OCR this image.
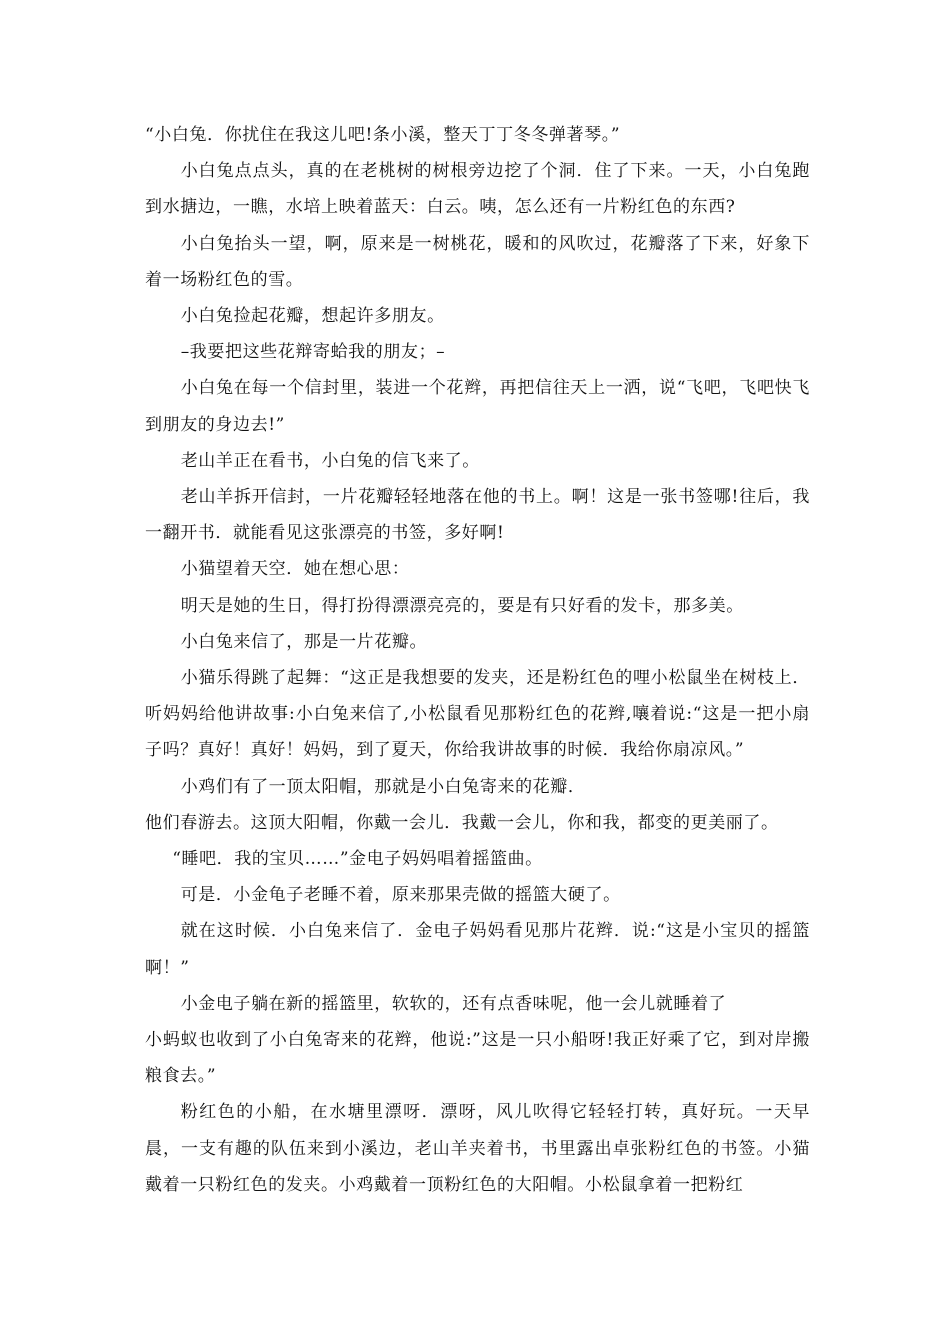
“小白兔．你扰住在我这儿吧!条小溪，整天丁丁冬冬弹著琴。”

小白兔点点头，真的在老桃树的树根旁边挖了个洞．住了下来。一天，小白兔跑到水搪边，一瞧，水培上映着蓝天：白云。咦，怎么还有一片粉红色的东西?

小白兔抬头一望，啊，原来是一树桃花，暖和的风吹过，花瓣落了下来，好象下着一场粉红色的雪。

小白兔捡起花瓣，想起许多朋友。

–我要把这些花辩寄蛤我的朋友；–

小白兔在每一个信封里，装进一个花辫，再把信往天上一洒，说“飞吧，飞吧快飞到朋友的身边去!”

老山羊正在看书，小白兔的信飞来了。

老山羊拆开信封，一片花瓣轻轻地落在他的书上。啊！这是一张书签哪!往后，我一翻开书．就能看见这张漂亮的书签，多好啊!

小猫望着天空．她在想心思：

明天是她的生日，得打扮得漂漂亮亮的，要是有只好看的发卡，那多美。

小白兔来信了，那是一片花瓣。

小猫乐得跳了起舞：“这正是我想要的发夹，还是粉红色的哩小松鼠坐在树枝上．听妈妈给他讲故事:小白兔来信了,小松鼠看见那粉红色的花辫,嚷着说:“这是一把小扇子吗？真好！真好！妈妈，到了夏天，你给我讲故事的时候．我给你扇凉风。”

小鸡们有了一顶太阳帽，那就是小白兔寄来的花瓣．

他们春游去。这顶大阳帽，你戴一会儿．我戴一会儿，你和我，都变的更美丽了。

“睡吧．我的宝贝……”金电子妈妈唱着摇篮曲。

可是．小金龟子老睡不着，原来那果壳做的摇篮大硬了。

就在这时候．小白兔来信了．金电子妈妈看见那片花辫．说:“这是小宝贝的摇篮啊！”

小金电子躺在新的摇篮里，软软的，还有点香味呢，他一会儿就睡着了

小蚂蚁也收到了小白兔寄来的花辫，他说:”这是一只小船呀!我正好乘了它，到对岸搬粮食去。”

粉红色的小船，在水塘里漂呀．漂呀，风儿吹得它轻轻打转，真好玩。一天早晨，一支有趣的队伍来到小溪边，老山羊夹着书，书里露出卓张粉红色的书签。小猫戴着一只粉红色的发夹。小鸡戴着一顶粉红色的大阳帽。小松鼠拿着一把粉红
